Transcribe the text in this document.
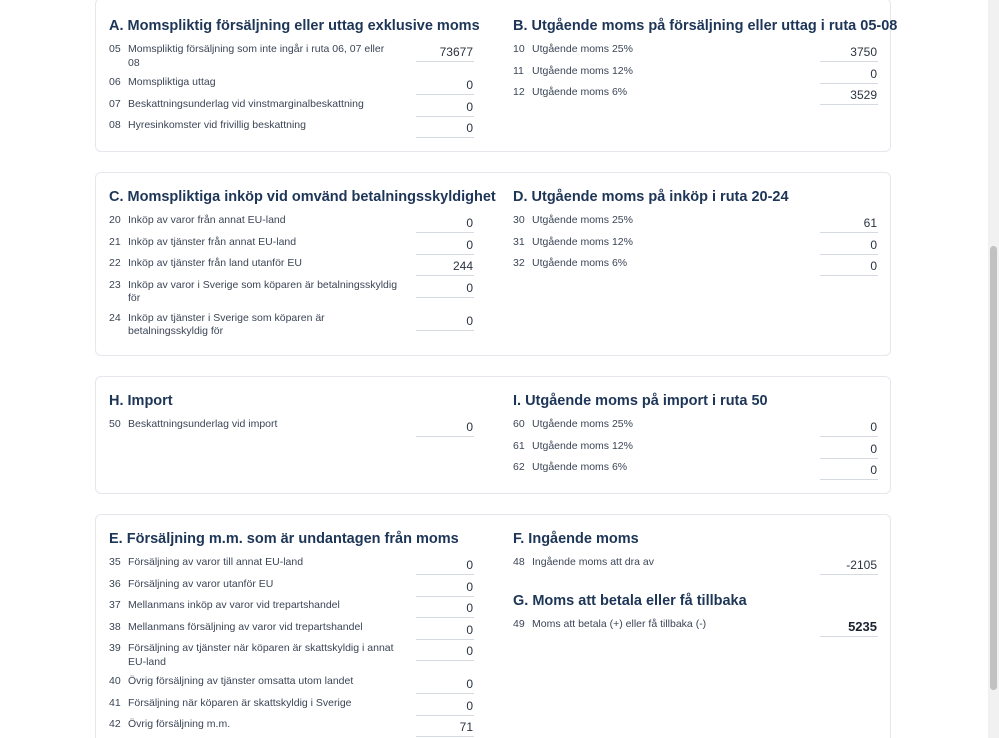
A. Momspliktig försäljning eller uttag exklusive moms
05 Momspliktig försäljning som inte ingår i ruta 06, 07 eller 08
73677
06 Momspliktiga uttag	0
07 Beskattningsunderlag vid vinstmarginalbeskattning	0
08 Hyresinkomster vid frivillig beskattning	0
B. Utgående moms på försäljning eller uttag i ruta 05-08
10 Utgående moms 25%	3750
11 Utgående moms 12%	0
12 Utgående moms 6%	3529
C. Momspliktiga inköp vid omvänd betalningsskyldighet
20 Inköp av varor från annat EU-land	0
21 Inköp av tjänster från annat EU-land	0
22 Inköp av tjänster från land utanför EU	244
23 Inköp av varor i Sverige som köparen är betalningsskyldig för
0
24 Inköp av tjänster i Sverige som köparen är betalningsskyldig för
0
D. Utgående moms på inköp i ruta 20-24
30 Utgående moms 25%	61
31 Utgående moms 12%	0
32 Utgående moms 6%	0
H. Import
50 Beskattningsunderlag vid import	0
I. Utgående moms på import i ruta 50
60 Utgående moms 25%	0
61 Utgående moms 12%	0
62 Utgående moms 6%	0
E. Försäljning m.m. som är undantagen från moms
35 Försäljning av varor till annat EU-land	0
36 Försäljning av varor utanför EU	0
37 Mellanmans inköp av varor vid trepartshandel	0
38 Mellanmans försäljning av varor vid trepartshandel	0
39 Försäljning av tjänster när köparen är skattskyldig i annat EU-land
0
40 Övrig försäljning av tjänster omsatta utom landet	0
41 Försäljning när köparen är skattskyldig i Sverige	0
42 Övrig försäljning m.m.	71
F. Ingående moms
48 Ingående moms att dra av	-2105
G. Moms att betala eller få tillbaka
49 Moms att betala (+) eller få tillbaka (-)	5235
